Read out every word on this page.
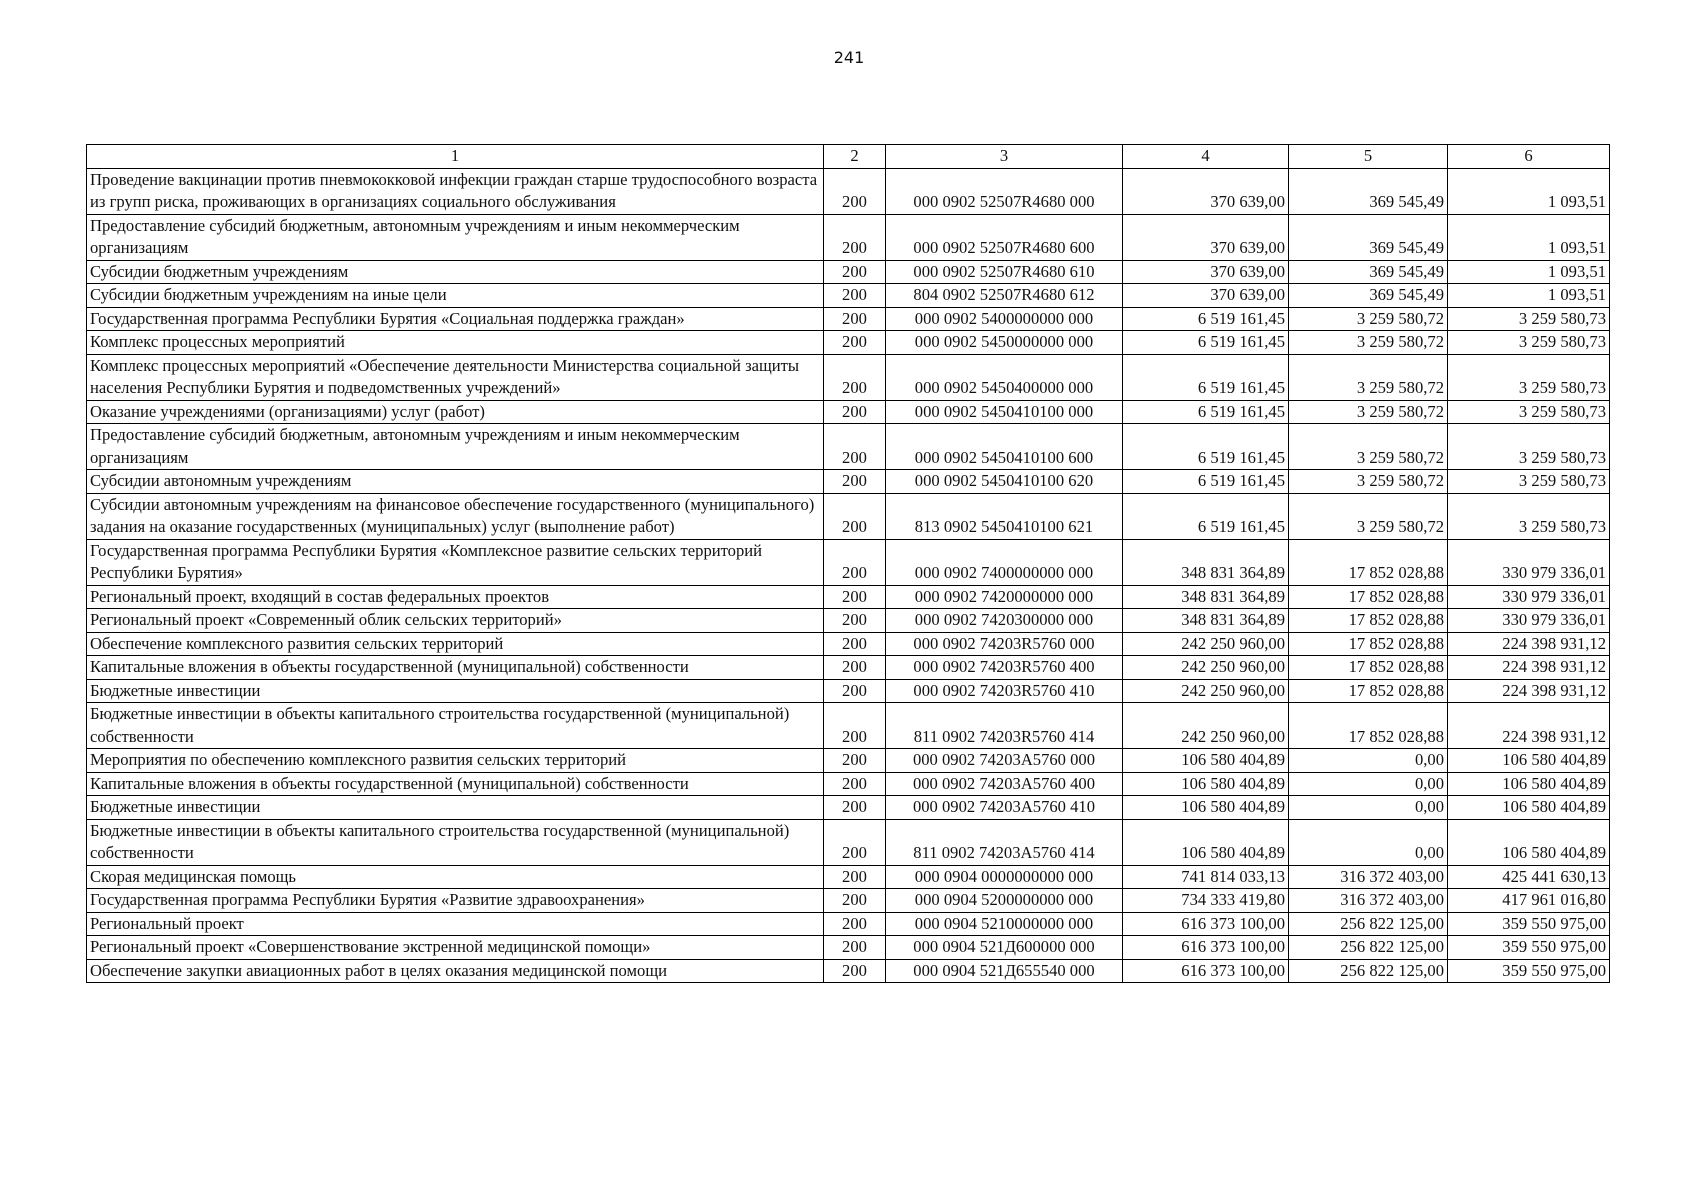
241
1	2	3	4	5	6
Проведение вакцинации против пневмококковой инфекции граждан старше трудоспособного возраста из групп риска, проживающих в организациях социального обслуживания	200	000 0902 52507R4680 000	370 639,00	369 545,49	1 093,51
Предоставление субсидий бюджетным, автономным учреждениям и иным некоммерческим организациям	200	000 0902 52507R4680 600	370 639,00	369 545,49	1 093,51
Субсидии бюджетным учреждениям	200	000 0902 52507R4680 610	370 639,00	369 545,49	1 093,51
Субсидии бюджетным учреждениям на иные цели	200	804 0902 52507R4680 612	370 639,00	369 545,49	1 093,51
Государственная программа Республики Бурятия «Социальная поддержка граждан»	200	000 0902 5400000000 000	6 519 161,45	3 259 580,72	3 259 580,73
Комплекс процессных мероприятий	200	000 0902 5450000000 000	6 519 161,45	3 259 580,72	3 259 580,73
Комплекс процессных мероприятий «Обеспечение деятельности Министерства социальной защиты населения Республики Бурятия и подведомственных учреждений»	200	000 0902 5450400000 000	6 519 161,45	3 259 580,72	3 259 580,73
Оказание учреждениями (организациями) услуг (работ)	200	000 0902 5450410100 000	6 519 161,45	3 259 580,72	3 259 580,73
Предоставление субсидий бюджетным, автономным учреждениям и иным некоммерческим организациям	200	000 0902 5450410100 600	6 519 161,45	3 259 580,72	3 259 580,73
Субсидии автономным учреждениям	200	000 0902 5450410100 620	6 519 161,45	3 259 580,72	3 259 580,73
Субсидии автономным учреждениям на финансовое обеспечение государственного (муниципального) задания на оказание государственных (муниципальных) услуг (выполнение работ)	200	813 0902 5450410100 621	6 519 161,45	3 259 580,72	3 259 580,73
Государственная программа Республики Бурятия «Комплексное развитие сельских территорий Республики Бурятия»	200	000 0902 7400000000 000	348 831 364,89	17 852 028,88	330 979 336,01
Региональный проект, входящий в состав федеральных проектов	200	000 0902 7420000000 000	348 831 364,89	17 852 028,88	330 979 336,01
Региональный проект «Современный облик сельских территорий»	200	000 0902 7420300000 000	348 831 364,89	17 852 028,88	330 979 336,01
Обеспечение комплексного развития сельских территорий	200	000 0902 74203R5760 000	242 250 960,00	17 852 028,88	224 398 931,12
Капитальные вложения в объекты государственной (муниципальной) собственности	200	000 0902 74203R5760 400	242 250 960,00	17 852 028,88	224 398 931,12
Бюджетные инвестиции	200	000 0902 74203R5760 410	242 250 960,00	17 852 028,88	224 398 931,12
Бюджетные инвестиции в объекты капитального строительства государственной (муниципальной) собственности	200	811 0902 74203R5760 414	242 250 960,00	17 852 028,88	224 398 931,12
Мероприятия по обеспечению комплексного развития сельских территорий	200	000 0902 74203A5760 000	106 580 404,89	0,00	106 580 404,89
Капитальные вложения в объекты государственной (муниципальной) собственности	200	000 0902 74203A5760 400	106 580 404,89	0,00	106 580 404,89
Бюджетные инвестиции	200	000 0902 74203A5760 410	106 580 404,89	0,00	106 580 404,89
Бюджетные инвестиции в объекты капитального строительства государственной (муниципальной) собственности	200	811 0902 74203A5760 414	106 580 404,89	0,00	106 580 404,89
Скорая медицинская помощь	200	000 0904 0000000000 000	741 814 033,13	316 372 403,00	425 441 630,13
Государственная программа Республики Бурятия «Развитие здравоохранения»	200	000 0904 5200000000 000	734 333 419,80	316 372 403,00	417 961 016,80
Региональный проект	200	000 0904 5210000000 000	616 373 100,00	256 822 125,00	359 550 975,00
Региональный проект «Совершенствование экстренной медицинской помощи»	200	000 0904 521Д600000 000	616 373 100,00	256 822 125,00	359 550 975,00
Обеспечение закупки авиационных работ в целях оказания медицинской помощи	200	000 0904 521Д655540 000	616 373 100,00	256 822 125,00	359 550 975,00
